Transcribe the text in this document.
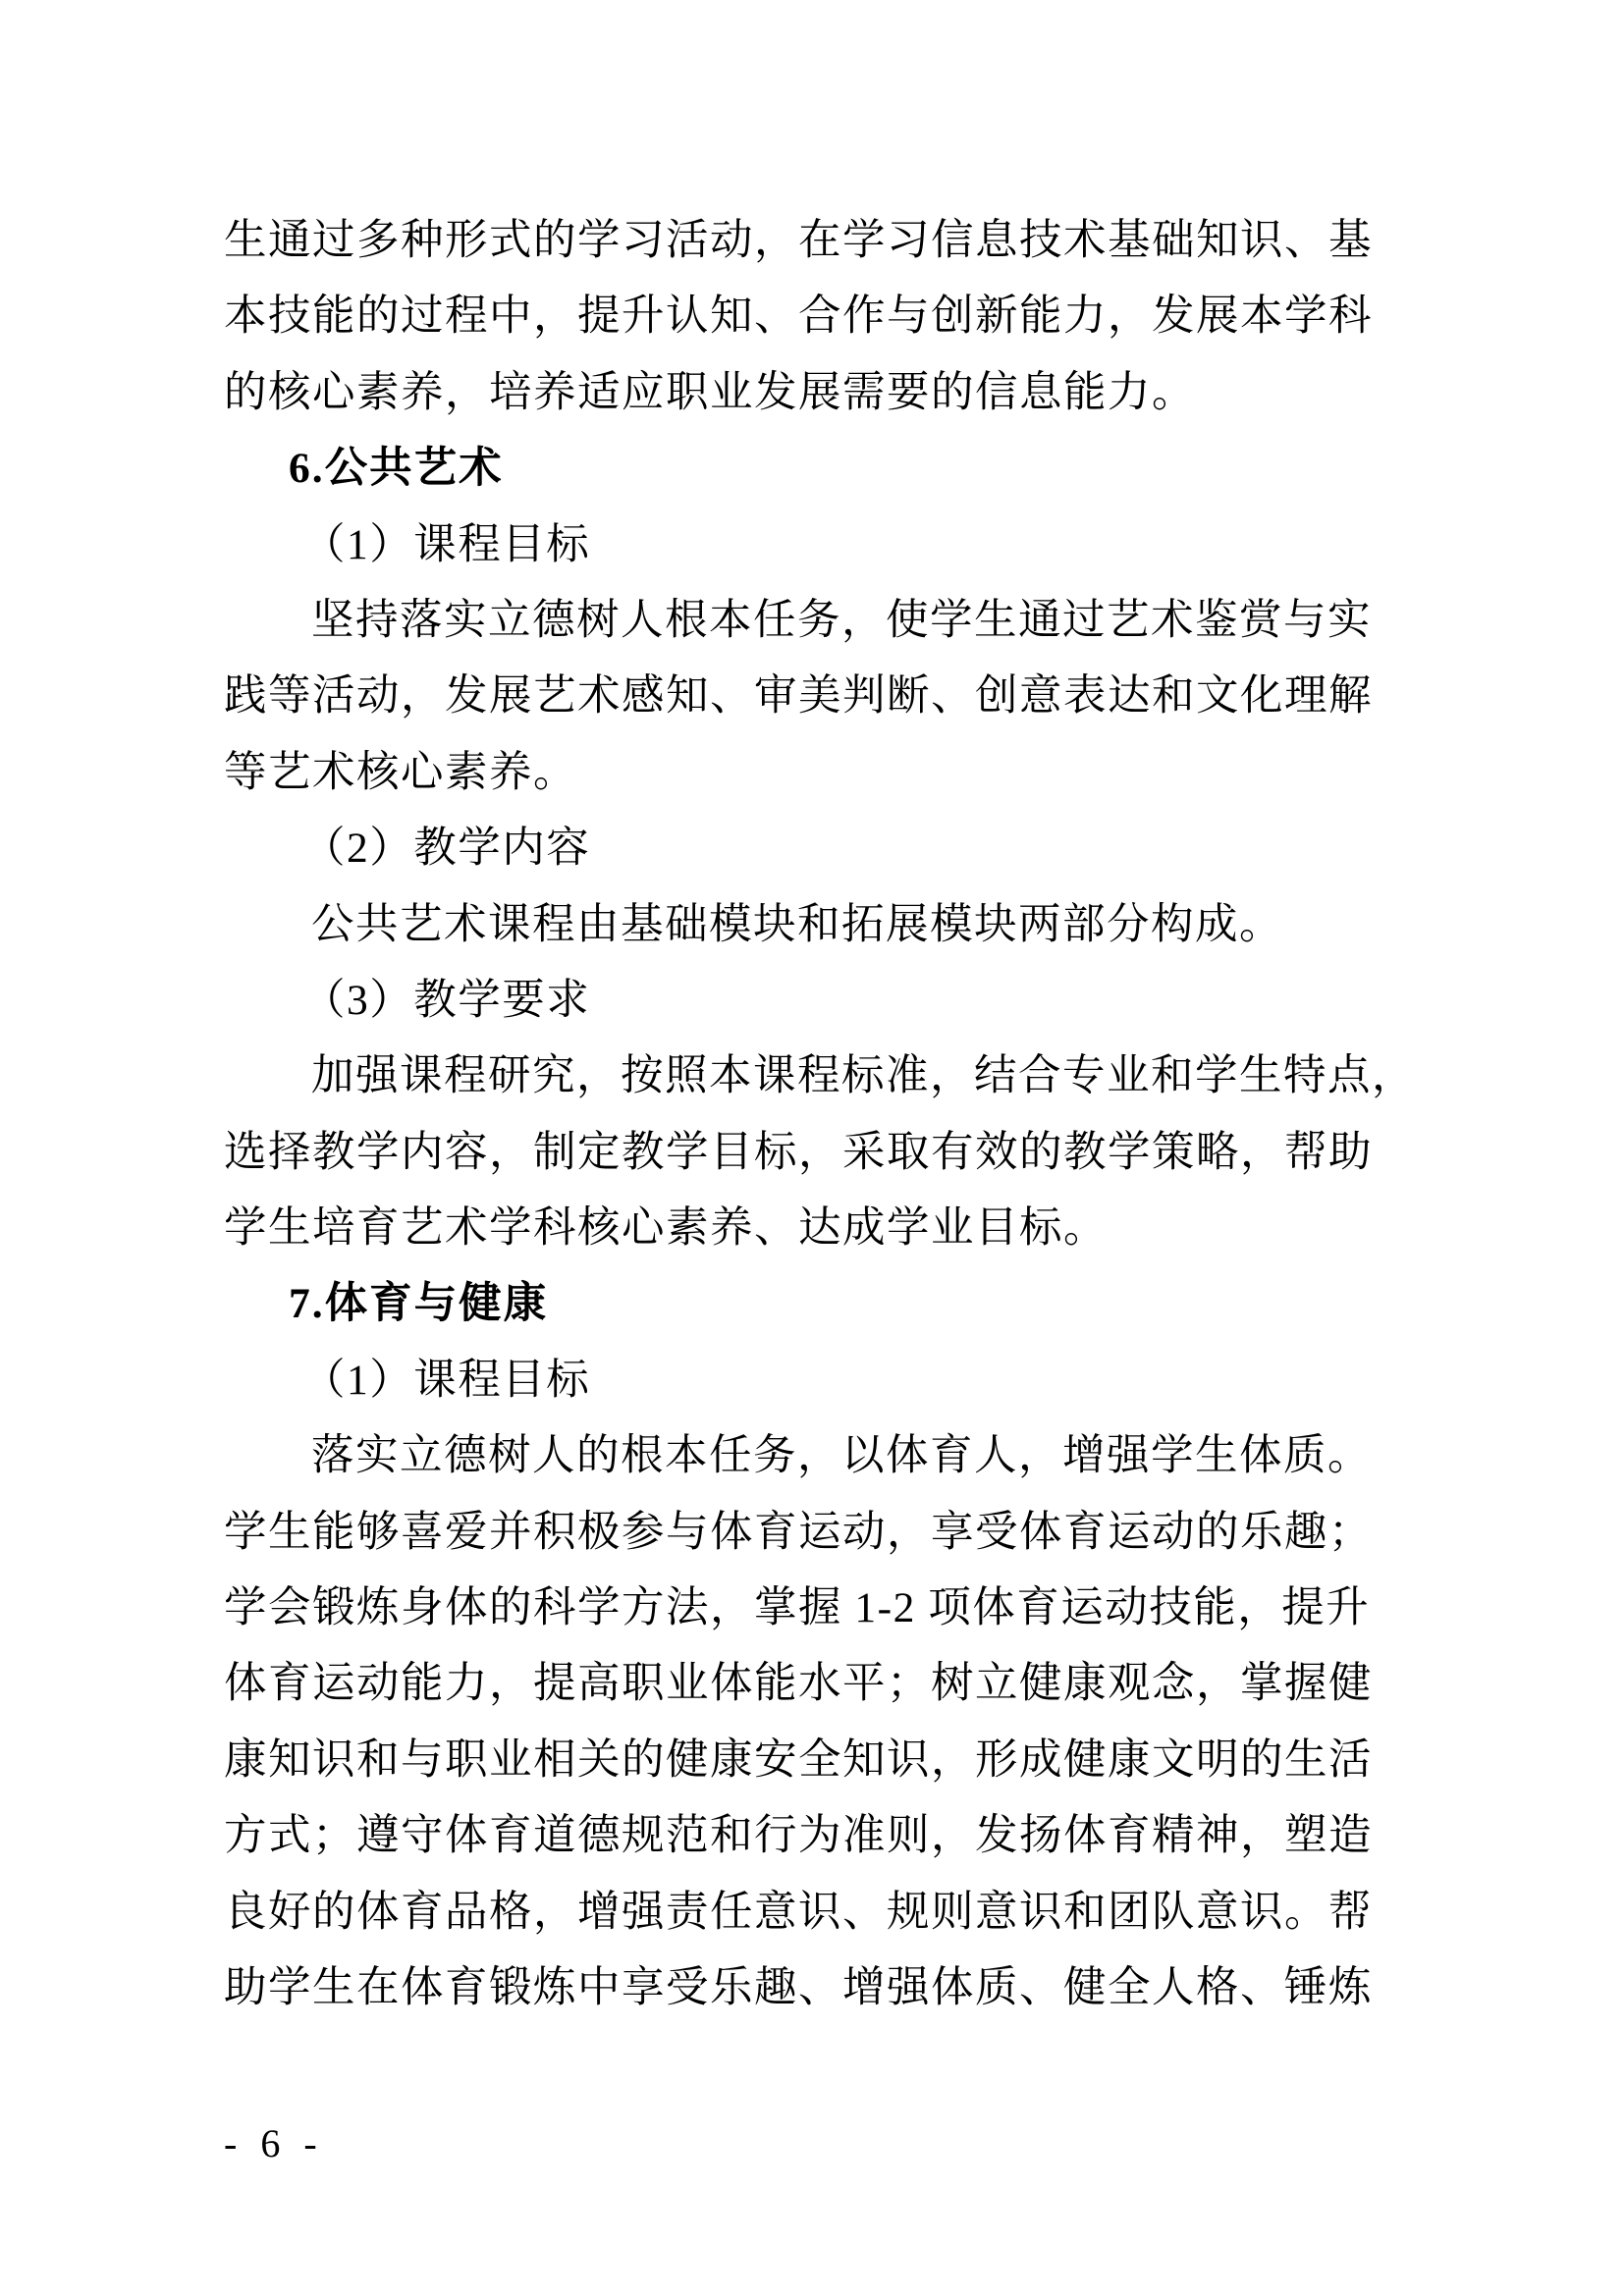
生通过多种形式的学习活动，在学习信息技术基础知识、基
本技能的过程中，提升认知、合作与创新能力，发展本学科
的核心素养，培养适应职业发展需要的信息能力。
6.公共艺术
（1）课程目标
坚持落实立德树人根本任务，使学生通过艺术鉴赏与实
践等活动，发展艺术感知、审美判断、创意表达和文化理解
等艺术核心素养。
（2）教学内容
公共艺术课程由基础模块和拓展模块两部分构成。
（3）教学要求
加强课程研究，按照本课程标准，结合专业和学生特点，
选择教学内容，制定教学目标，采取有效的教学策略，帮助
学生培育艺术学科核心素养、达成学业目标。
7.体育与健康
（1）课程目标
落实立德树人的根本任务，以体育人，增强学生体质。
学生能够喜爱并积极参与体育运动，享受体育运动的乐趣；
学会锻炼身体的科学方法，掌握 1-2 项体育运动技能，提升
体育运动能力，提高职业体能水平；树立健康观念，掌握健
康知识和与职业相关的健康安全知识，形成健康文明的生活
方式；遵守体育道德规范和行为准则，发扬体育精神，塑造
良好的体育品格，增强责任意识、规则意识和团队意识。帮
助学生在体育锻炼中享受乐趣、增强体质、健全人格、锤炼
- 6 -
